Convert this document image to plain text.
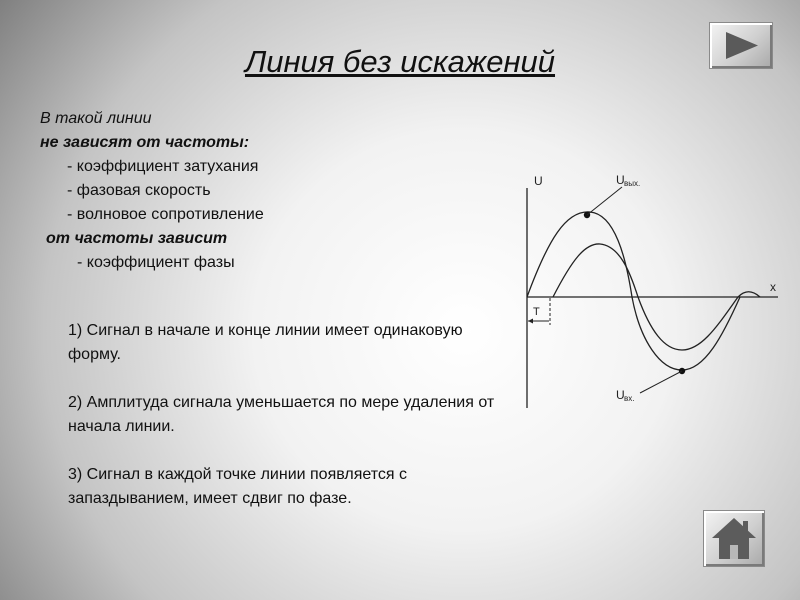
Линия без искажений
В такой линии
не зависят от частоты:
- коэффициент затухания
- фазовая скорость
- волновое сопротивление
от частоты зависит
- коэффициент фазы

1) Сигнал в начале и конце линии имеет одинаковую форму.

2) Амплитуда сигнала уменьшается по мере удаления от начала линии.

3) Сигнал в каждой точке линии появляется с запаздыванием, имеет сдвиг по фазе.

U
x
T
U вых.
U вх.
